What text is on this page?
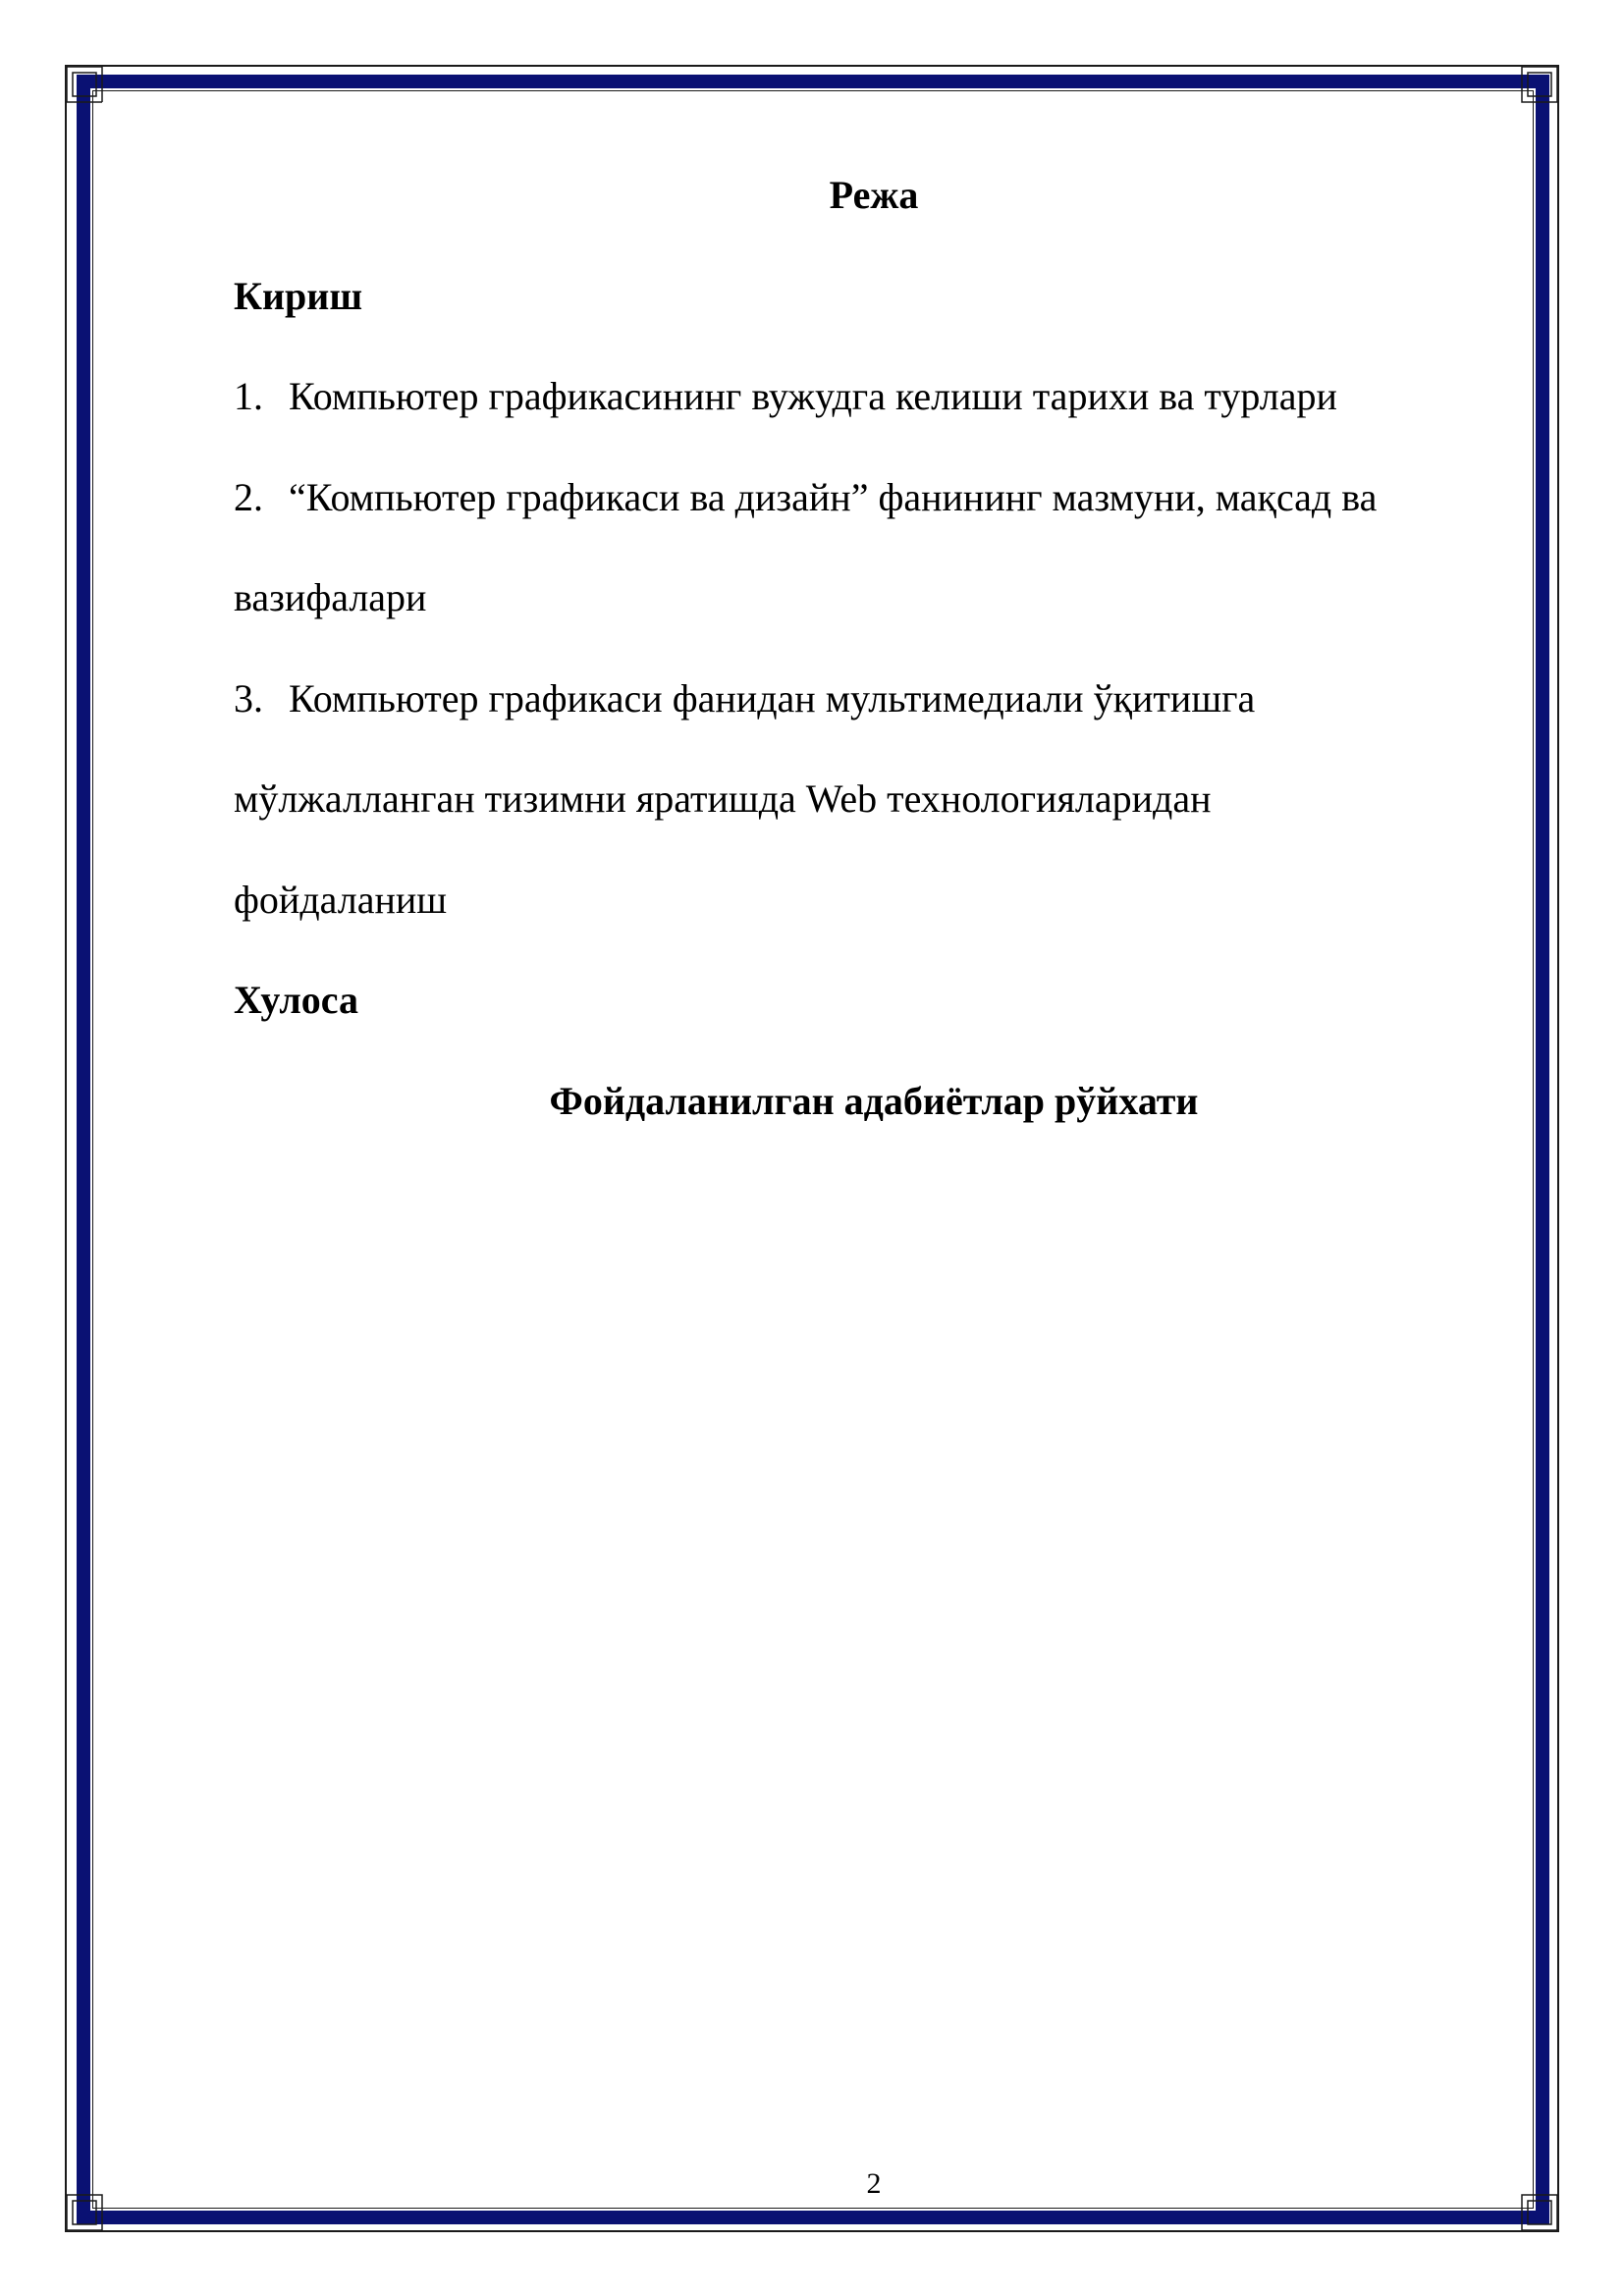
Режа

Кириш

1. Компьютер графикасининг вужудга келиши тарихи ва турлари

2. “Компьютер графикаси ва дизайн” фанининг мазмуни, мақсад ва

вазифалари

3. Компьютер графикаси фанидан мультимедиали ўқитишга

мўлжалланган тизимни яратишда Web технологияларидан

фойдаланиш

Хулоса

Фойдаланилган адабиётлар рўйхати

2
